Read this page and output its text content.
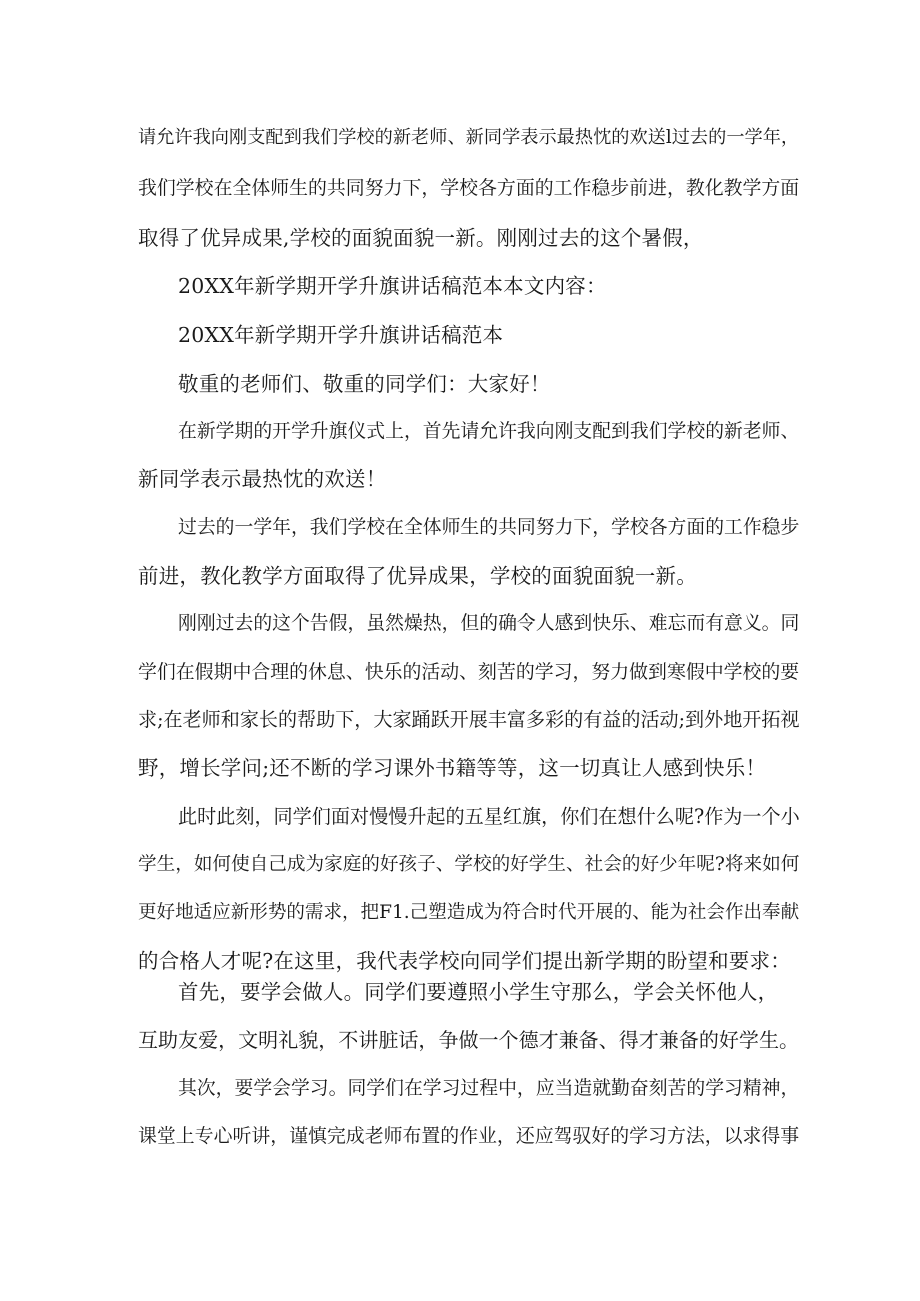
请允许我向刚支配到我们学校的新老师、新同学表示最热忱的欢送l过去的一学年，
我们学校在全体师生的共同努力下，学校各方面的工作稳步前进，教化教学方面
取得了优异成果,学校的面貌面貌一新。刚刚过去的这个暑假，
20XX年新学期开学升旗讲话稿范本本文内容：
20XX年新学期开学升旗讲话稿范本
敬重的老师们、敬重的同学们：大家好！
在新学期的开学升旗仪式上，首先请允许我向刚支配到我们学校的新老师、
新同学表示最热忱的欢送！
过去的一学年，我们学校在全体师生的共同努力下，学校各方面的工作稳步
前进，教化教学方面取得了优异成果，学校的面貌面貌一新。
刚刚过去的这个告假，虽然燥热，但的确令人感到快乐、难忘而有意义。同
学们在假期中合理的休息、快乐的活动、刻苦的学习，努力做到寒假中学校的要
求;在老师和家长的帮助下，大家踊跃开展丰富多彩的有益的活动;到外地开拓视
野，增长学问;还不断的学习课外书籍等等，这一切真让人感到快乐！
此时此刻，同学们面对慢慢升起的五星红旗，你们在想什么呢?作为一个小
学生，如何使自己成为家庭的好孩子、学校的好学生、社会的好少年呢?将来如何
更好地适应新形势的需求，把F1.己塑造成为符合时代开展的、能为社会作出奉献
的合格人才呢?在这里，我代表学校向同学们提出新学期的盼望和要求：
首先，要学会做人。同学们要遵照小学生守那么，学会关怀他人，
互助友爱，文明礼貌，不讲脏话，争做一个德才兼备、得才兼备的好学生。
其次，要学会学习。同学们在学习过程中，应当造就勤奋刻苦的学习精神，
课堂上专心听讲，谨慎完成老师布置的作业，还应驾驭好的学习方法，以求得事
